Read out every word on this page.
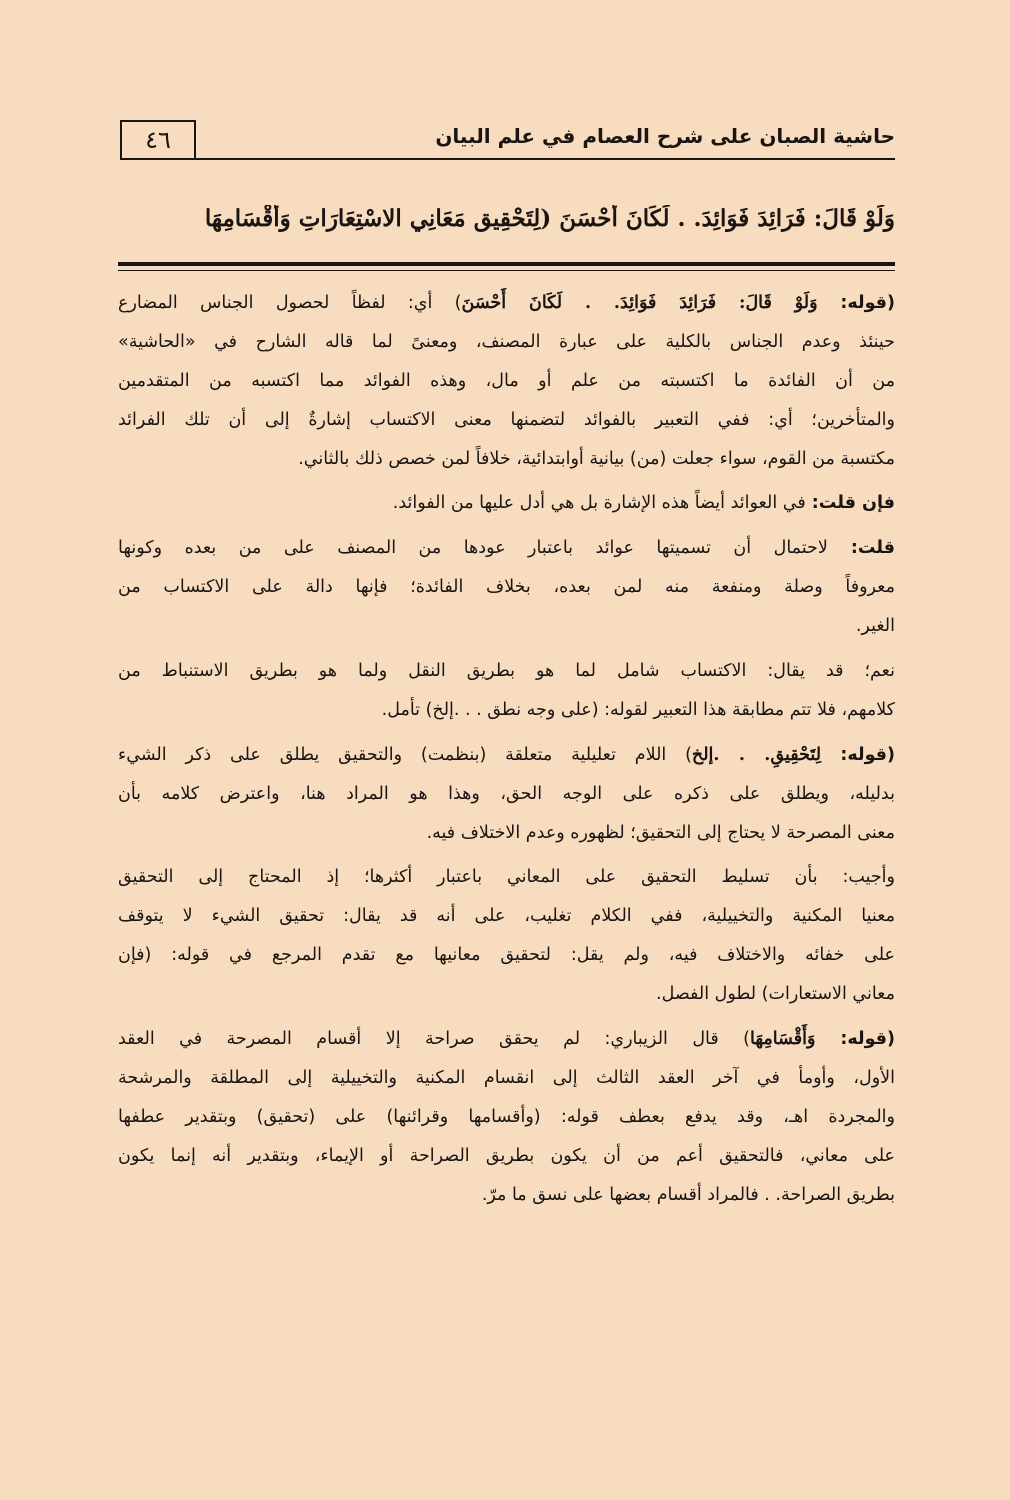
٤٦	حاشية الصبان على شرح العصام في علم البيان
وَلَوْ قَالَ: فَرَائِدَ فَوَائِدَ. . لَكَانَ أَحْسَنَ (لِتَحْقِيقِ مَعَانِي الاسْتِعَارَاتِ وَأَقْسَامِهَا
(قوله: وَلَوْ قَالَ: فَرَائِدَ فَوَائِدَ. . لَكَانَ أَحْسَنَ) أي: لفظاً لحصول الجناس المضارع
حينئذ وعدم الجناس بالكلية على عبارة المصنف، ومعنىً لما قاله الشارح في «الحاشية»
من أن الفائدة ما اكتسبته من علم أو مال، وهذه الفوائد مما اكتسبه من المتقدمين
والمتأخرين؛ أي: ففي التعبير بالفوائد لتضمنها معنى الاكتساب إشارةٌ إلى أن تلك الفرائد
مكتسبة من القوم، سواء جعلت (من) بيانية أوابتدائية، خلافاً لمن خصص ذلك بالثاني.
فإن قلت: في العوائد أيضاً هذه الإشارة بل هي أدل عليها من الفوائد.
قلت: لاحتمال أن تسميتها عوائد باعتبار عودها من المصنف على من بعده وكونها
معروفاً وصلة ومنفعة منه لمن بعده، بخلاف الفائدة؛ فإنها دالة على الاكتساب من
الغير.
نعم؛ قد يقال: الاكتساب شامل لما هو بطريق النقل ولما هو بطريق الاستنباط من
كلامهم، فلا تتم مطابقة هذا التعبير لقوله: (على وجه نطق . . .إلخ) تأمل.
(قوله: لِتَحْقِيقِ. . .إلخ) اللام تعليلية متعلقة (بنظمت) والتحقيق يطلق على ذكر الشيء
بدليله، ويطلق على ذكره على الوجه الحق، وهذا هو المراد هنا، واعترض كلامه بأن
معنى المصرحة لا يحتاج إلى التحقيق؛ لظهوره وعدم الاختلاف فيه.
وأجيب: بأن تسليط التحقيق على المعاني باعتبار أكثرها؛ إذ المحتاج إلى التحقيق
معنيا المكنية والتخييلية، ففي الكلام تغليب، على أنه قد يقال: تحقيق الشيء لا يتوقف
على خفائه والاختلاف فيه، ولم يقل: لتحقيق معانيها مع تقدم المرجع في قوله: (فإن
معاني الاستعارات) لطول الفصل.
(قوله: وَأَقْسَامِهَا) قال الزيباري: لم يحقق صراحة إلا أقسام المصرحة في العقد
الأول، وأومأ في آخر العقد الثالث إلى انقسام المكنية والتخييلية إلى المطلقة والمرشحة
والمجردة اهـ، وقد يدفع بعطف قوله: (وأقسامها وقرائنها) على (تحقيق) وبتقدير عطفها
على معاني، فالتحقيق أعم من أن يكون بطريق الصراحة أو الإيماء، وبتقدير أنه إنما يكون
بطريق الصراحة. . فالمراد أقسام بعضها على نسق ما مرّ.
